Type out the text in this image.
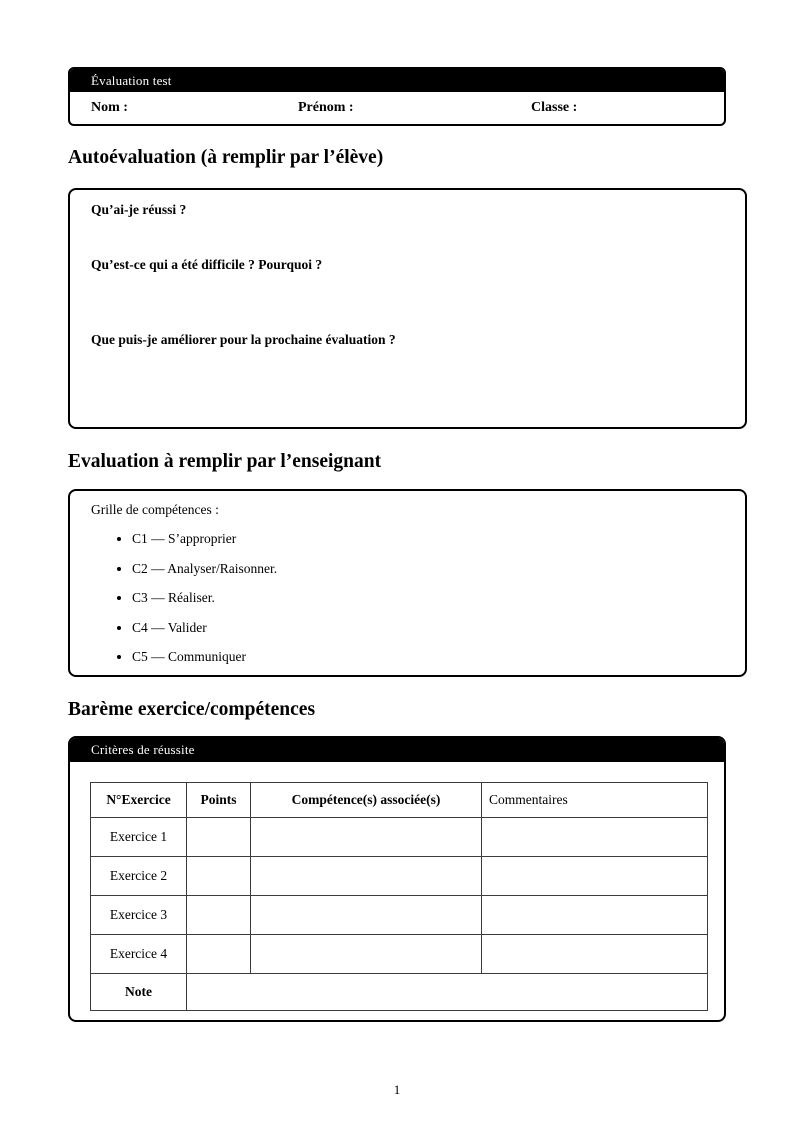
Évaluation test
Nom :	Prénom :	Classe :
Autoévaluation (à remplir par l’élève)

Qu’ai-je réussi ?

Qu’est-ce qui a été difficile ? Pourquoi ?

Que puis-je améliorer pour la prochaine évaluation ?

Evaluation à remplir par l’enseignant

Grille de compétences :

• C1 — S’approprier
• C2 — Analyser/Raisonner.
• C3 — Réaliser.
• C4 — Valider
• C5 — Communiquer
Barème exercice/compétences
Critères de réussite
N°Exercice	Points	Compétence(s) associée(s)	Commentaires
Exercice 1			
Exercice 2			
Exercice 3			
Exercice 4			
Note			
1
